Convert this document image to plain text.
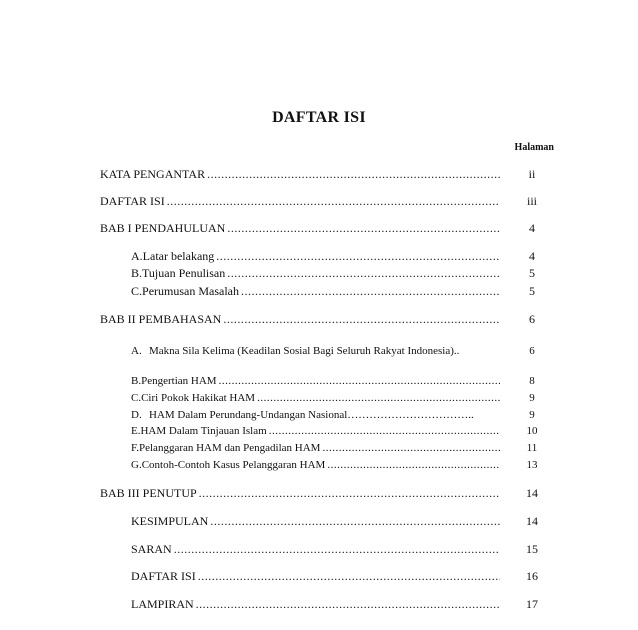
DAFTAR ISI
Halaman
KATA PENGANTAR .....	ii
DAFTAR ISI .....	iii
BAB I PENDAHULUAN .....	4
A. Latar belakang .....	4
B. Tujuan Penulisan .....	5
C. Perumusan Masalah .....	5
BAB II PEMBAHASAN .....	6
A. Makna Sila Kelima (Keadilan Sosial Bagi Seluruh Rakyat Indonesia)..	6
B. Pengertian HAM .....	8
C. Ciri Pokok Hakikat HAM .....	9
D. HAM Dalam Perundang-Undangan Nasional……………………………..	9
E. HAM Dalam Tinjauan Islam .....	10
F. Pelanggaran HAM dan Pengadilan HAM .....	11
G. Contoh-Contoh Kasus Pelanggaran HAM .....	13
BAB III PENUTUP .....	14
KESIMPULAN .....	14
SARAN .....	15
DAFTAR ISI .....	16
LAMPIRAN .....	17
